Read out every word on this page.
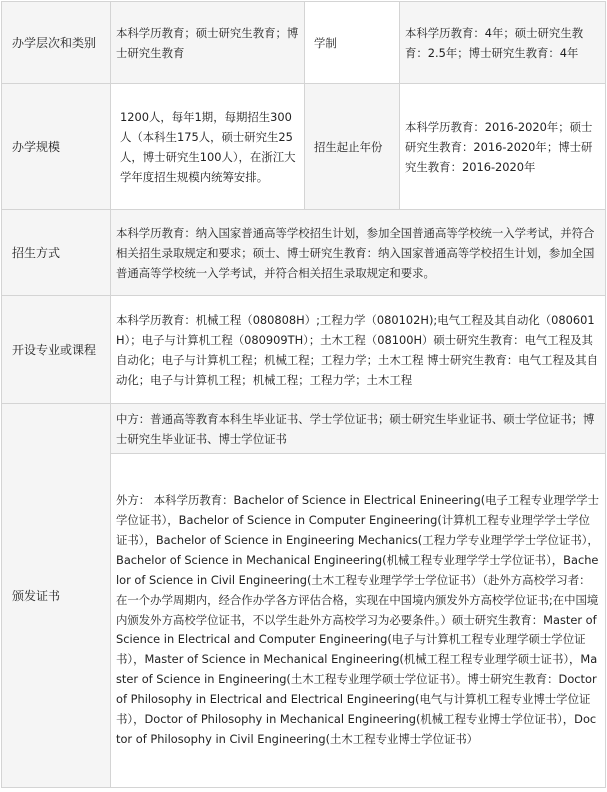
办学层次和类别	本科学历教育；硕士研究生教育；博士研究生教育	学制	本科学历教育：4年；硕士研究生教育：2.5年；博士研究生教育：4年
办学规模	1200人，每年1期，每期招生300人（本科生175人，硕士研究生25人，博士研究生100人），在浙江大学年度招生规模内统筹安排。	招生起止年份	本科学历教育：2016-2020年；硕士研究生教育：2016-2020年；博士研究生教育：2016-2020年
招生方式	本科学历教育：纳入国家普通高等学校招生计划，参加全国普通高等学校统一入学考试，并符合相关招生录取规定和要求；硕士、博士研究生教育：纳入国家普通高等学校招生计划，参加全国普通高等学校统一入学考试，并符合相关招生录取规定和要求。		
开设专业或课程	本科学历教育：机械工程（080808H）;工程力学（080102H);电气工程及其自动化（080601H）；电子与计算机工程（080909TH）；土木工程（08100H）硕士研究生教育：电气工程及其自动化；电子与计算机工程；机械工程；工程力学；土木工程 博士研究生教育：电气工程及其自动化；电子与计算机工程；机械工程；工程力学；土木工程		
颁发证书	中方：普通高等教育本科生毕业证书、学士学位证书；硕士研究生毕业证书、硕士学位证书；博士研究生毕业证书、博士学位证书		
	外方： 本科学历教育：Bachelor of Science in Electrical Enineering(电子工程专业理学学士学位证书），Bachelor of Science in Computer Engineering(计算机工程专业理学学士学位证书），Bachelor of Science in Engineering Mechanics(工程力学专业理学学士学位证书），Bachelor of Science in Mechanical Engineering(机械工程专业理学学士学位证书），Bachelor of Science in Civil Engineering(土木工程专业理学学士学位证书）（赴外方高校学习者：在一个办学周期内，经合作办学各方评估合格，实现在中国境内颁发外方高校学位证书;在中国境内颁发外方高校学位证书，不以学生赴外方高校学习为必要条件。）硕士研究生教育：Master of Science in Electrical and Computer Engineering(电子与计算机工程专业理学硕士学位证书），Master of Science in Mechanical Engineering(机械工程工程专业理学硕士证书），Master of Science in Engineering(土木工程专业理学硕士学位证书）。博士研究生教育：Doctor of Philosophy in Electrical and Electrical Engineering(电气与计算机工程专业博士学位证书），Doctor of Philosophy in Mechanical Engineering(机械工程专业博士学位证书），Doctor of Philosophy in Civil Engineering(土木工程专业博士学位证书）		
